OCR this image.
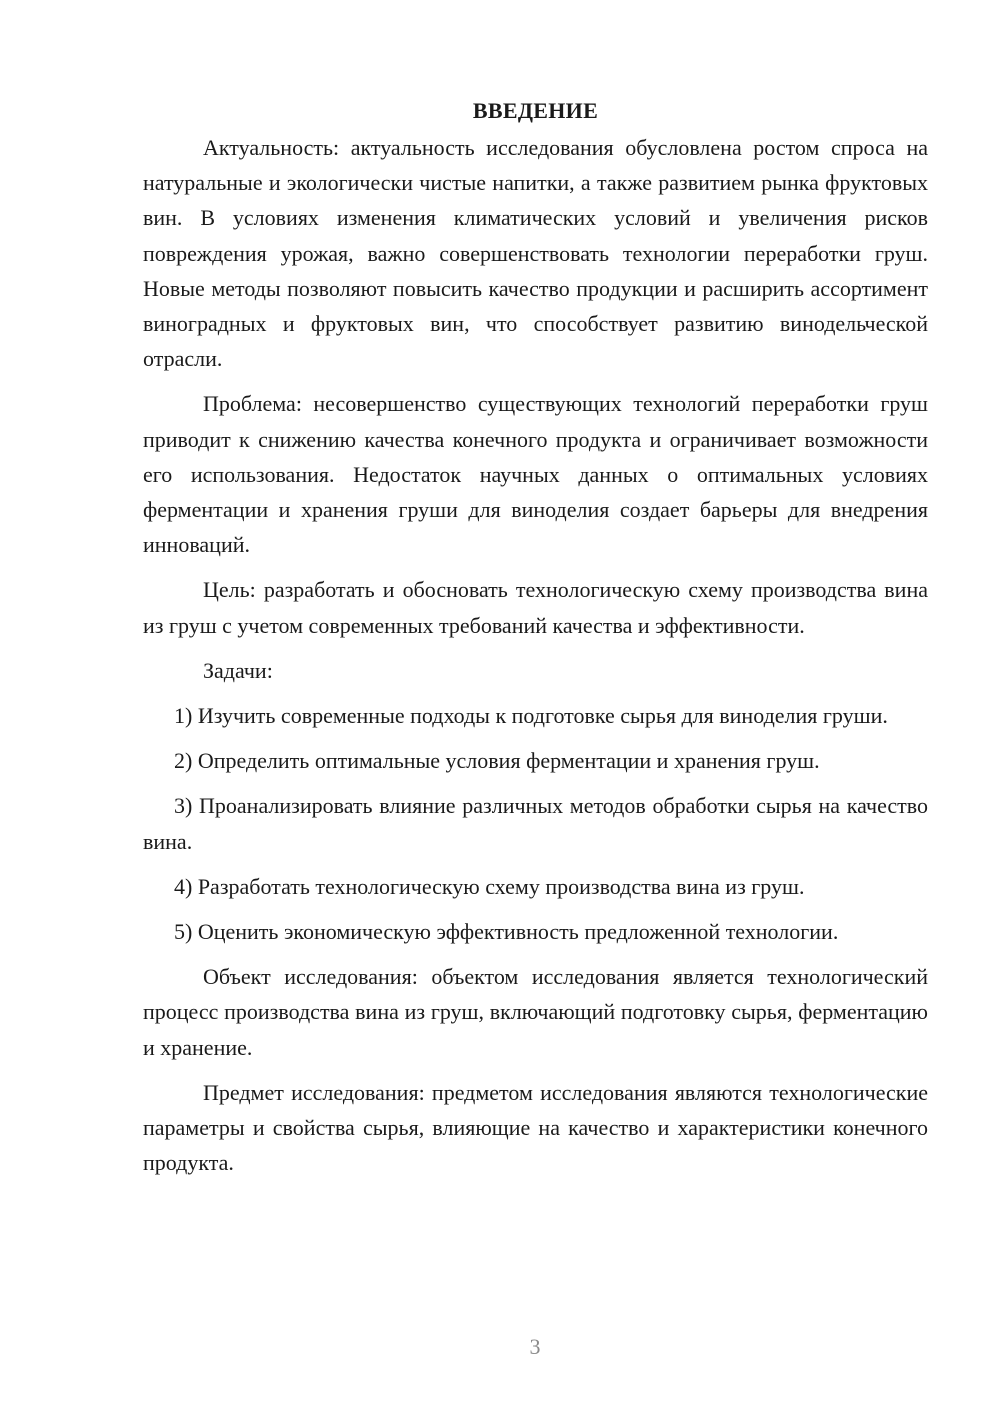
ВВЕДЕНИЕ

Актуальность: актуальность исследования обусловлена ростом спроса на натуральные и экологически чистые напитки, а также развитием рынка фруктовых вин. В условиях изменения климатических условий и увеличения рисков повреждения урожая, важно совершенствовать технологии переработки груш. Новые методы позволяют повысить качество продукции и расширить ассортимент виноградных и фруктовых вин, что способствует развитию винодельческой отрасли.

Проблема: несовершенство существующих технологий переработки груш приводит к снижению качества конечного продукта и ограничивает возможности его использования. Недостаток научных данных о оптимальных условиях ферментации и хранения груши для виноделия создает барьеры для внедрения инноваций.

Цель: разработать и обосновать технологическую схему производства вина из груш с учетом современных требований качества и эффективности.

Задачи:

1) Изучить современные подходы к подготовке сырья для виноделия груши.

2) Определить оптимальные условия ферментации и хранения груш.

3) Проанализировать влияние различных методов обработки сырья на качество вина.

4) Разработать технологическую схему производства вина из груш.

5) Оценить экономическую эффективность предложенной технологии.

Объект исследования: объектом исследования является технологический процесс производства вина из груш, включающий подготовку сырья, ферментацию и хранение.

Предмет исследования: предметом исследования являются технологические параметры и свойства сырья, влияющие на качество и характеристики конечного продукта.

3
